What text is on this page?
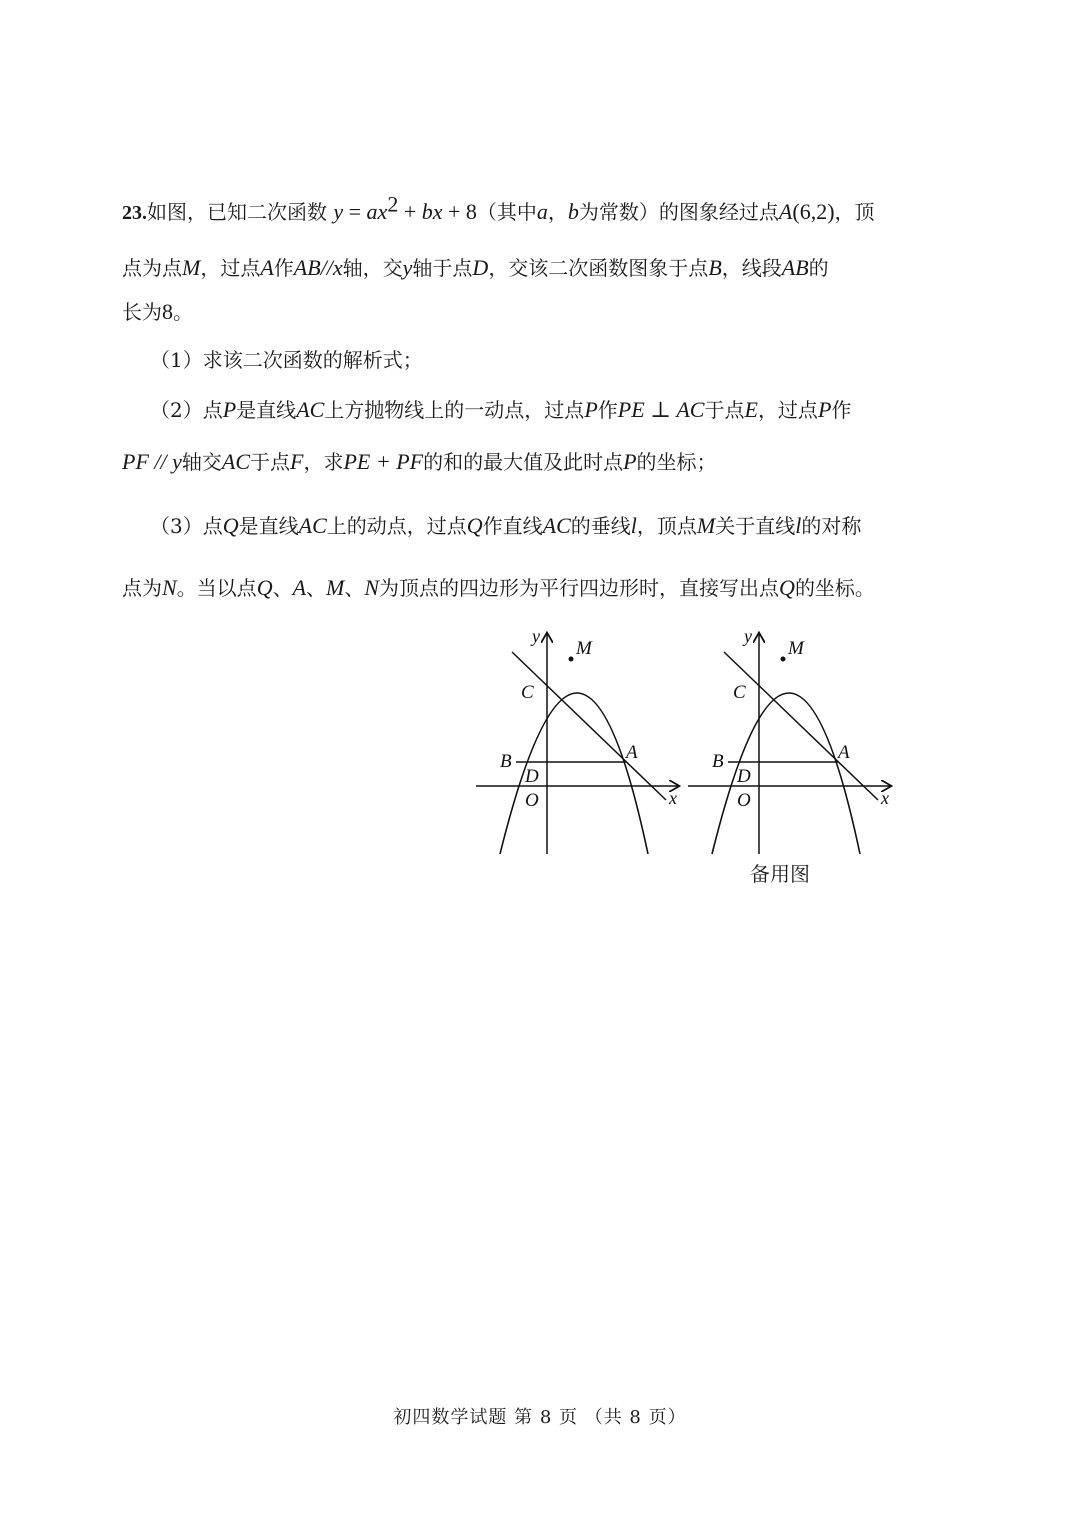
23.如图，已知二次函数 $y = ax^2$ + bx + 8（其中a，b为常数）的图象经过点A(6,2)，顶
点为点M，过点A作AB//x轴，交y轴于点D，交该二次函数图象于点B，线段AB的
长为8。
（1）求该二次函数的解析式；
（2）点P是直线AC上方抛物线上的一动点，过点P作PE ⊥ AC于点E，过点P作
PF // y轴交AC于点F，求PE + PF的和的最大值及此时点P的坐标；
（3）点Q是直线AC上的动点，过点Q作直线AC的垂线l，顶点M关于直线l的对称
点为N。当以点Q、A、M、N为顶点的四边形为平行四边形时，直接写出点Q的坐标。
y
M
C
B	A
D
O	x
y
M
C
B	A
D
O	x
备用图
初四数学试题 第 8 页 （共 8 页）
